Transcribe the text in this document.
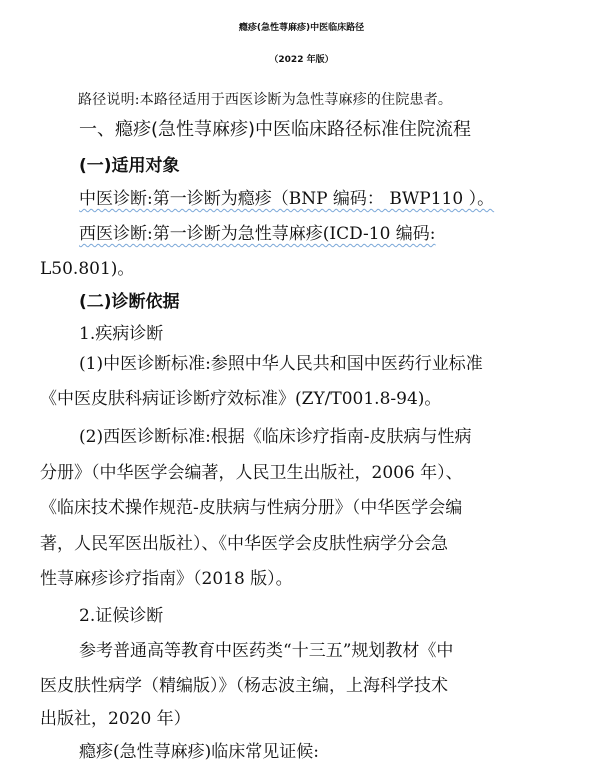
瘾疹(急性荨麻疹)中医临床路径
（2022 年版）
路径说明:本路径适用于西医诊断为急性荨麻疹的住院患者。
一、瘾疹(急性荨麻疹)中医临床路径标准住院流程
(一)适用对象
中医诊断:第一诊断为瘾疹（BNP 编码： BWP110 ）。
西医诊断:第一诊断为急性荨麻疹(ICD-10 编码:
L50.801)。
(二)诊断依据
1.疾病诊断
(1)中医诊断标准:参照中华人民共和国中医药行业标准
《中医皮肤科病证诊断疗效标准》(ZY/T001.8-94)。
(2)西医诊断标准:根据《临床诊疗指南-皮肤病与性病
分册》（中华医学会编著，人民卫生出版社，2006 年）、
《临床技术操作规范-皮肤病与性病分册》（中华医学会编
著，人民军医出版社）、《中华医学会皮肤性病学分会急
性荨麻疹诊疗指南》（2018 版）。
2.证候诊断
参考普通高等教育中医药类“十三五”规划教材《中
医皮肤性病学（精编版）》（杨志波主编，上海科学技术
出版社，2020 年）
瘾疹(急性荨麻疹)临床常见证候:
